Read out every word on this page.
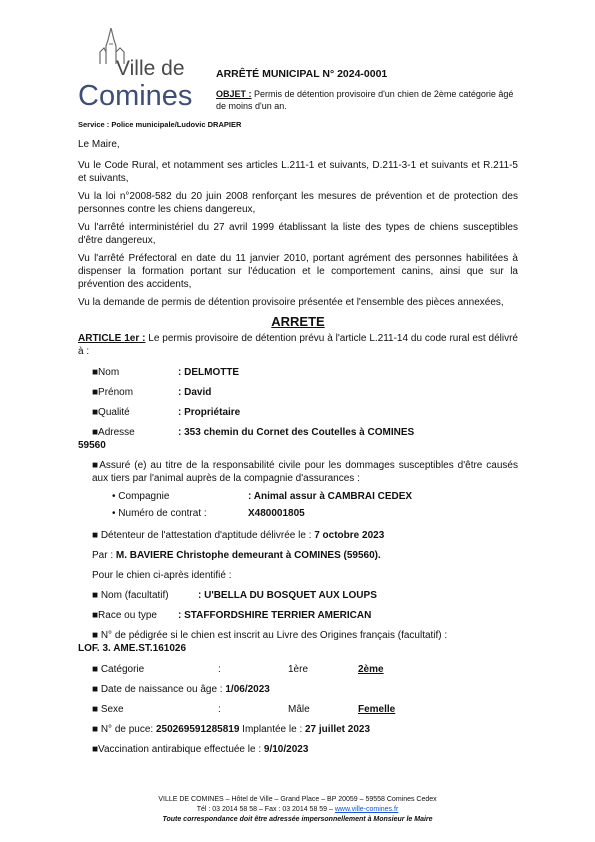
Ville de
Comines
ARRÊTÉ MUNICIPAL N° 2024-0001
OBJET : Permis de détention provisoire d'un chien de 2ème catégorie âgé de moins d'un an.
Service : Police municipale/Ludovic DRAPIER

Le Maire,

Vu le Code Rural, et notamment ses articles L.211-1 et suivants, D.211-3-1 et suivants et R.211-5 et suivants,

Vu la loi n°2008-582 du 20 juin 2008 renforçant les mesures de prévention et de protection des personnes contre les chiens dangereux,

Vu l'arrêté interministériel du 27 avril 1999 établissant la liste des types de chiens susceptibles d'être dangereux,

Vu l'arrêté Préfectoral en date du 11 janvier 2010, portant agrément des personnes habilitées à dispenser la formation portant sur l'éducation et le comportement canins, ainsi que sur la prévention des accidents,

Vu la demande de permis de détention provisoire présentée et l'ensemble des pièces annexées,

ARRETE

ARTICLE 1er : Le permis provisoire de détention prévu à l'article L.211-14 du code rural est délivré à :

■Nom	: DELMOTTE
■Prénom	: David
■Qualité	: Propriétaire
■Adresse	: 353 chemin du Cornet des Coutelles à COMINES
59560

■Assuré (e) au titre de la responsabilité civile pour les dommages susceptibles d'être causés aux tiers par l'animal auprès de la compagnie d'assurances :

• Compagnie	: Animal assur à CAMBRAI CEDEX
• Numéro de contrat :	X480001805
■ Détenteur de l'attestation d'aptitude délivrée le : 7 octobre 2023
Par : M. BAVIERE Christophe demeurant à COMINES (59560).
Pour le chien ci-après identifié :
■ Nom (facultatif)	: U'BELLA DU BOSQUET AUX LOUPS
■Race ou type	: STAFFORDSHIRE TERRIER AMERICAN
■ N° de pédigrée si le chien est inscrit au Livre des Origines français (facultatif) :
LOF. 3. AME.ST.161026
■ Catégorie	:	1ère	2ème
■ Date de naissance ou âge : 1/06/2023
■ Sexe	:	Mâle	Femelle
■ N° de puce: 250269591285819 Implantée le : 27 juillet 2023
■Vaccination antirabique effectuée le : 9/10/2023
VILLE DE COMINES – Hôtel de Ville – Grand Place – BP 20059 – 59558 Comines Cedex
Tél : 03 2014 58 58 – Fax : 03 2014 58 59 – www.ville-comines.fr
Toute correspondance doit être adressée impersonnellement à Monsieur le Maire
